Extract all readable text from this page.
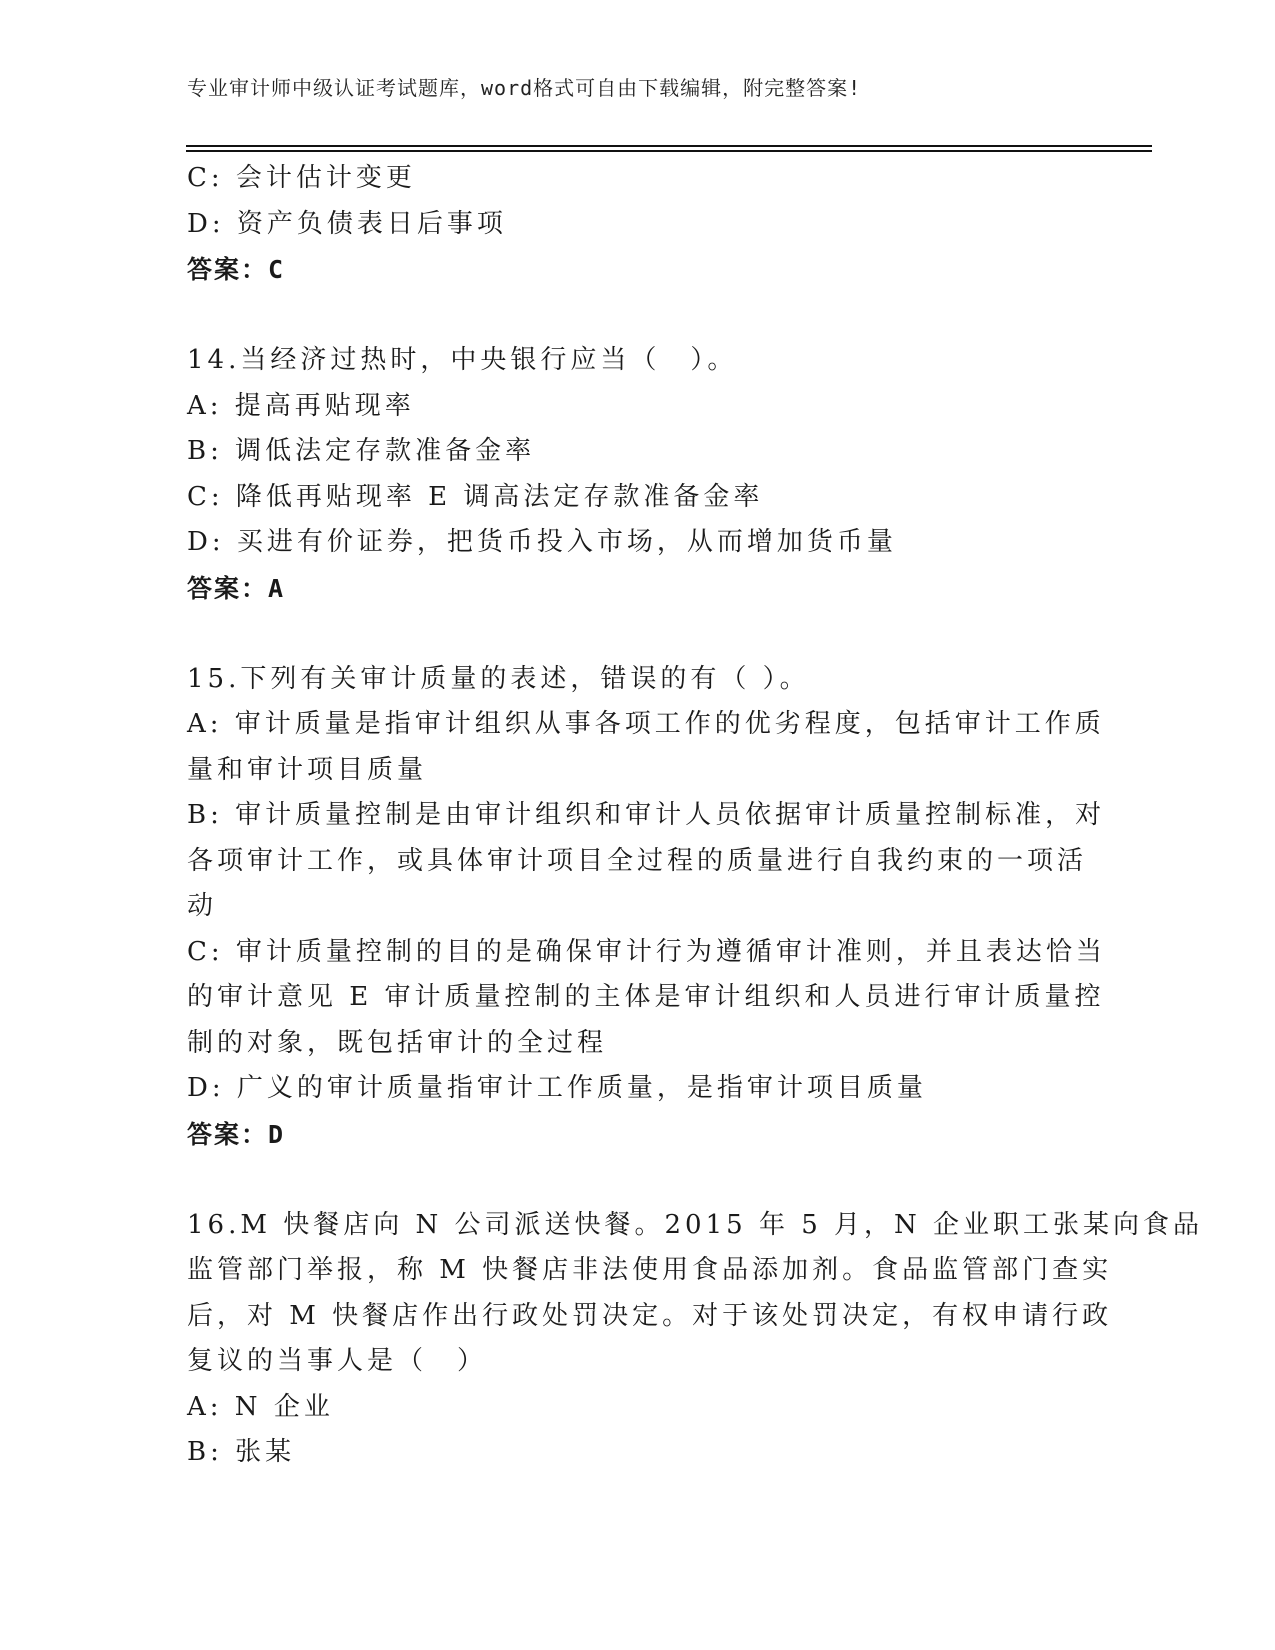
专业审计师中级认证考试题库，word格式可自由下载编辑，附完整答案!
C: 会计估计变更
D: 资产负债表日后事项
答案：C
14.当经济过热时，中央银行应当（　）。
A: 提高再贴现率
B: 调低法定存款准备金率
C: 降低再贴现率 E 调高法定存款准备金率
D: 买进有价证券，把货币投入市场，从而增加货币量
答案：A
15.下列有关审计质量的表述，错误的有（ ）。
A: 审计质量是指审计组织从事各项工作的优劣程度，包括审计工作质
量和审计项目质量
B: 审计质量控制是由审计组织和审计人员依据审计质量控制标准，对
各项审计工作，或具体审计项目全过程的质量进行自我约束的一项活
动
C: 审计质量控制的目的是确保审计行为遵循审计准则，并且表达恰当
的审计意见 E 审计质量控制的主体是审计组织和人员进行审计质量控
制的对象，既包括审计的全过程
D: 广义的审计质量指审计工作质量，是指审计项目质量
答案：D
16.M 快餐店向 N 公司派送快餐。2015 年 5 月，N 企业职工张某向食品
监管部门举报，称 M 快餐店非法使用食品添加剂。食品监管部门查实
后，对 M 快餐店作出行政处罚决定。对于该处罚决定，有权申请行政
复议的当事人是（　）
A: N 企业
B: 张某
